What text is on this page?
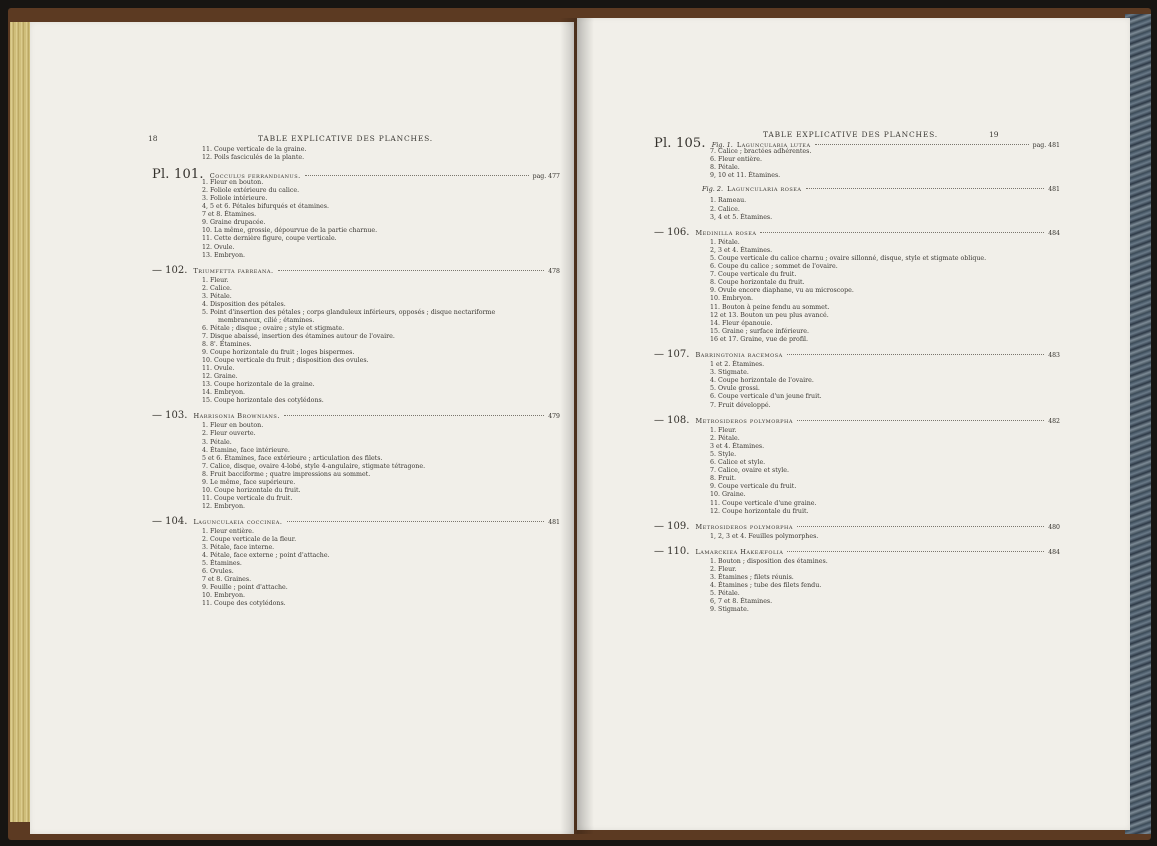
18	TABLE EXPLICATIVE DES PLANCHES.
11. Coupe verticale de la graine.
12. Poils fasciculés de la plante.
Pl. 101. Cocculus ferrandianus.	pag. 477
1. Fleur en bouton.
2. Foliole extérieure du calice.
3. Foliole intérieure.
4, 5 et 6. Pétales bifurqués et étamines.
7 et 8. Étamines.
9. Graine drupacée.
10. La même, grossie, dépourvue de la partie charnue.
11. Cette dernière figure, coupe verticale.
12. Ovule.
13. Embryon.
— 102. Triumfetta fabreana.	478
1. Fleur.
2. Calice.
3. Pétale.
4. Disposition des pétales.
5. Point d'insertion des pétales ; corps glanduleux inférieurs, opposés ; disque nectariforme
membraneux, cilié ; étamines.
6. Pétale ; disque ; ovaire ; style et stigmate.
7. Disque abaissé, insertion des étamines autour de l'ovaire.
8. 8'. Étamines.
9. Coupe horizontale du fruit ; loges bispermes.
10. Coupe verticale du fruit ; disposition des ovules.
11. Ovule.
12. Graine.
13. Coupe horizontale de la graine.
14. Embryon.
15. Coupe horizontale des cotylédons.
— 103. Harrisonia Brownians.	479
1. Fleur en bouton.
2. Fleur ouverte.
3. Pétale.
4. Étamine, face intérieure.
5 et 6. Étamines, face extérieure ; articulation des filets.
7. Calice, disque, ovaire 4-lobé, style 4-angulaire, stigmate tétragone.
8. Fruit bacciforme ; quatre impressions au sommet.
9. Le même, face supérieure.
10. Coupe horizontale du fruit.
11. Coupe verticale du fruit.
12. Embryon.
— 104. Lagunculaeia coccinea.	481
1. Fleur entière.
2. Coupe verticale de la fleur.
3. Pétale, face interne.
4. Pétale, face externe ; point d'attache.
5. Étamines.
6. Ovules.
7 et 8. Graines.
9. Feuille ; point d'attache.
10. Embryon.
11. Coupe des cotylédons.
TABLE EXPLICATIVE DES PLANCHES.	19
Pl. 105. Fig. 1. Laguncularia lutea	pag. 481
7. Calice ; bractées adhérentes.
6. Fleur entière.
8. Pétale.
9, 10 et 11. Étamines.
Fig. 2. Laguncularia rosea	481
1. Rameau.
2. Calice.
3, 4 et 5. Étamines.
— 106. Medinilla rosea	484
1. Pétale.
2, 3 et 4. Étamines.
5. Coupe verticale du calice charnu ; ovaire sillonné, disque, style et stigmate oblique.
6. Coupe du calice ; sommet de l'ovaire.
7. Coupe verticale du fruit.
8. Coupe horizontale du fruit.
9. Ovule encore diaphane, vu au microscope.
10. Embryon.
11. Bouton à peine fendu au sommet.
12 et 13. Bouton un peu plus avancé.
14. Fleur épanouie.
15. Graine ; surface inférieure.
16 et 17. Graine, vue de profil.
— 107. Barringtonia racemosa	483
1 et 2. Étamines.
3. Stigmate.
4. Coupe horizontale de l'ovaire.
5. Ovule grossi.
6. Coupe verticale d'un jeune fruit.
7. Fruit développé.
— 108. Metrosideros polymorpha	482
1. Fleur.
2. Pétale.
3 et 4. Étamines.
5. Style.
6. Calice et style.
7. Calice, ovaire et style.
8. Fruit.
9. Coupe verticale du fruit.
10. Graine.
11. Coupe verticale d'une graine.
12. Coupe horizontale du fruit.
— 109. Metrosideros polymorpha	480
1, 2, 3 et 4. Feuilles polymorphes.
— 110. Lamarckiea Hakeæfolia	484
1. Bouton ; disposition des étamines.
2. Fleur.
3. Étamines ; filets réunis.
4. Étamines ; tube des filets fendu.
5. Pétale.
6, 7 et 8. Étamines.
9. Stigmate.
